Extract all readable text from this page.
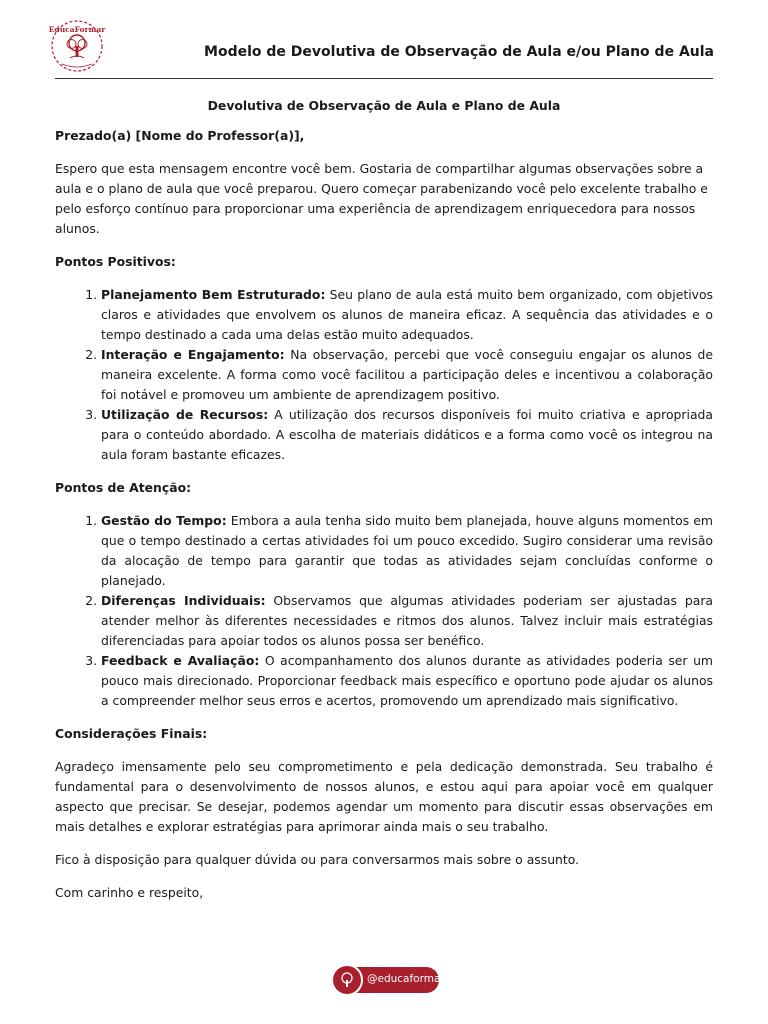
EducaFormar
Modelo de Devolutiva de Observação de Aula e/ou Plano de Aula

Devolutiva de Observação de Aula e Plano de Aula

Prezado(a) [Nome do Professor(a)],
Espero que esta mensagem encontre você bem. Gostaria de compartilhar algumas observações sobre a aula e o plano de aula que você preparou. Quero começar parabenizando você pelo excelente trabalho e pelo esforço contínuo para proporcionar uma experiência de aprendizagem enriquecedora para nossos alunos.
Pontos Positivos:
1. Planejamento Bem Estruturado: Seu plano de aula está muito bem organizado, com objetivos claros e atividades que envolvem os alunos de maneira eficaz. A sequência das atividades e o tempo destinado a cada uma delas estão muito adequados.
2. Interação e Engajamento: Na observação, percebi que você conseguiu engajar os alunos de maneira excelente. A forma como você facilitou a participação deles e incentivou a colaboração foi notável e promoveu um ambiente de aprendizagem positivo.
3. Utilização de Recursos: A utilização dos recursos disponíveis foi muito criativa e apropriada para o conteúdo abordado. A escolha de materiais didáticos e a forma como você os integrou na aula foram bastante eficazes.
Pontos de Atenção:
1. Gestão do Tempo: Embora a aula tenha sido muito bem planejada, houve alguns momentos em que o tempo destinado a certas atividades foi um pouco excedido. Sugiro considerar uma revisão da alocação de tempo para garantir que todas as atividades sejam concluídas conforme o planejado.
2. Diferenças Individuais: Observamos que algumas atividades poderiam ser ajustadas para atender melhor às diferentes necessidades e ritmos dos alunos. Talvez incluir mais estratégias diferenciadas para apoiar todos os alunos possa ser benéfico.
3. Feedback e Avaliação: O acompanhamento dos alunos durante as atividades poderia ser um pouco mais direcionado. Proporcionar feedback mais específico e oportuno pode ajudar os alunos a compreender melhor seus erros e acertos, promovendo um aprendizado mais significativo.
Considerações Finais:
Agradeço imensamente pelo seu comprometimento e pela dedicação demonstrada. Seu trabalho é fundamental para o desenvolvimento de nossos alunos, e estou aqui para apoiar você em qualquer aspecto que precisar. Se desejar, podemos agendar um momento para discutir essas observações em mais detalhes e explorar estratégias para aprimorar ainda mais o seu trabalho.
Fico à disposição para qualquer dúvida ou para conversarmos mais sobre o assunto.
Com carinho e respeito,
@educaformar
